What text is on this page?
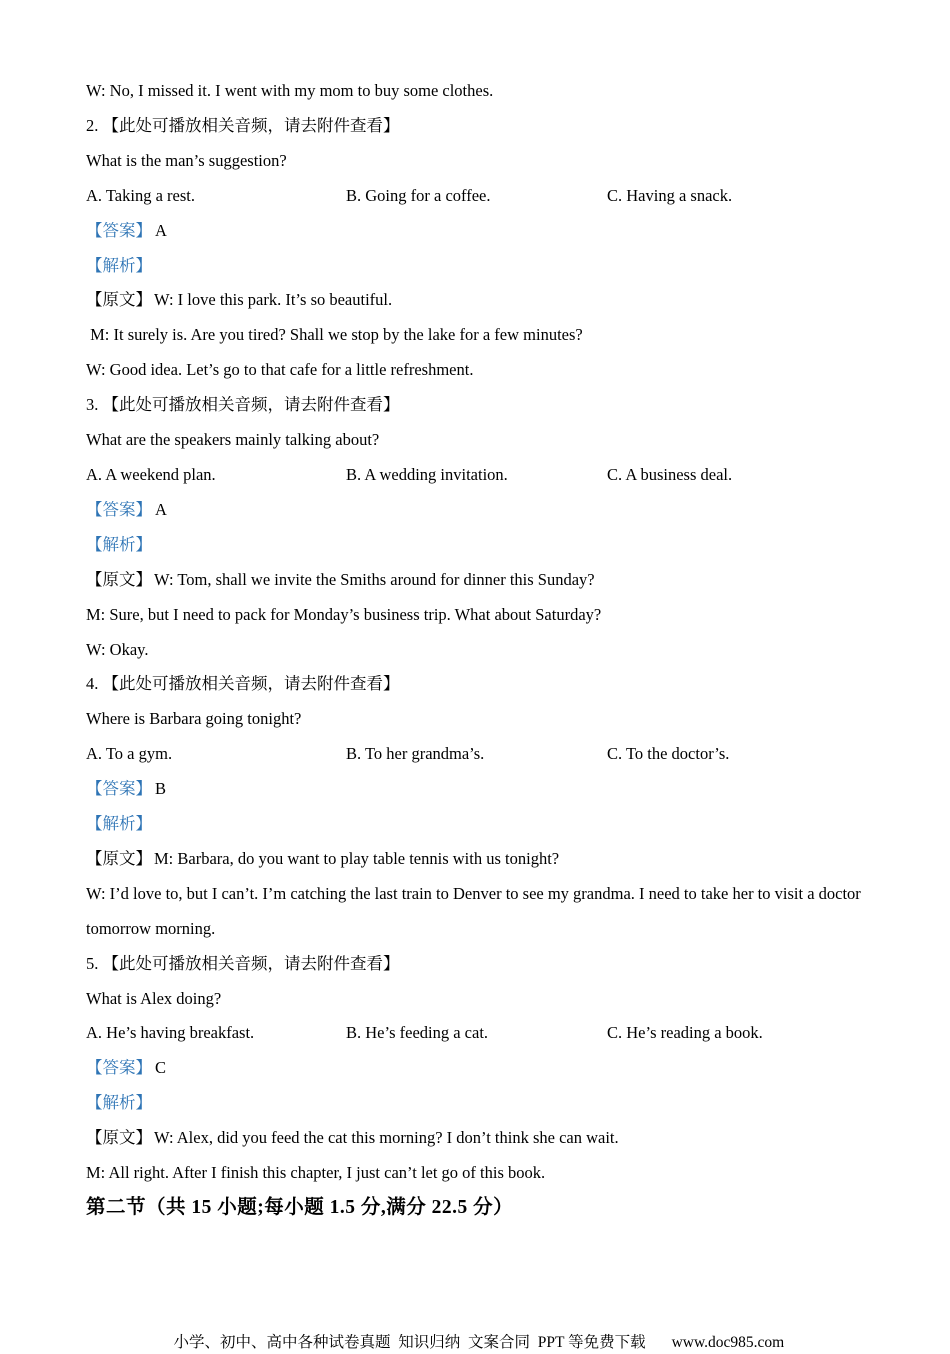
W: No, I missed it. I went with my mom to buy some clothes.

2. 【此处可播放相关音频，请去附件查看】

What is the man’s suggestion?

A. Taking a rest.	B. Going for a coffee.	C. Having a snack.

【答案】 A

【解析】

【原文】 W: I love this park. It’s so beautiful.

M: It surely is. Are you tired? Shall we stop by the lake for a few minutes?

W: Good idea. Let’s go to that cafe for a little refreshment.

3. 【此处可播放相关音频，请去附件查看】

What are the speakers mainly talking about?

A. A weekend plan.	B. A wedding invitation.	C. A business deal.

【答案】 A

【解析】

【原文】 W: Tom, shall we invite the Smiths around for dinner this Sunday?

M: Sure, but I need to pack for Monday’s business trip. What about Saturday?

W: Okay.

4. 【此处可播放相关音频，请去附件查看】

Where is Barbara going tonight?

A. To a gym.	B. To her grandma’s.	C. To the doctor’s.

【答案】 B

【解析】

【原文】 M: Barbara, do you want to play table tennis with us tonight?

W: I’d love to, but I can’t. I’m catching the last train to Denver to see my grandma. I need to take her to visit a doctor tomorrow morning.

5. 【此处可播放相关音频，请去附件查看】

What is Alex doing?

A. He’s having breakfast.	B. He’s feeding a cat.	C. He’s reading a book.

【答案】 C

【解析】

【原文】 W: Alex, did you feed the cat this morning? I don’t think she can wait.

M: All right. After I finish this chapter, I just can’t let go of this book.

第二节（共 15 小题;每小题 1.5 分,满分 22.5 分）

小学、初中、高中各种试卷真题  知识归纳  文案合同  PPT 等免费下载 www.doc985.com
